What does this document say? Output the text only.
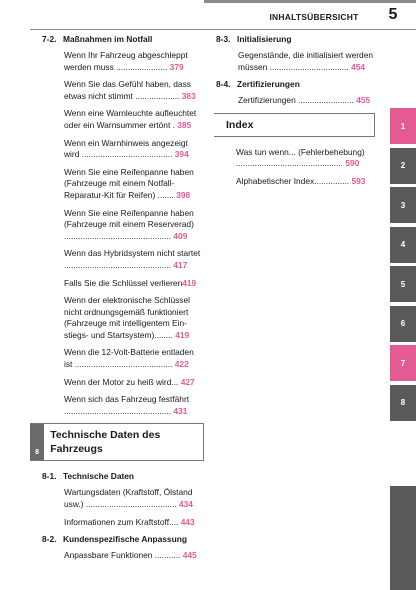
INHALTSÜBERSICHT	5
7-2. Maßnahmen im Notfall
Wenn Ihr Fahrzeug abgeschleppt werden muss ...................... 379
Wenn Sie das Gefühl haben, dass etwas nicht stimmt ................... 383
Wenn eine Warnleuchte aufleuchtet oder ein Warnsummer ertönt . 385
Wenn ein Warnhinweis angezeigt wird ....................................... 394
Wenn Sie eine Reifenpanne haben (Fahrzeuge mit einem Notfall-Reparatur-Kit für Reifen) ....... 398
Wenn Sie eine Reifenpanne haben (Fahrzeuge mit einem Reserverad) .............................................. 409
Wenn das Hybridsystem nicht startet .............................................. 417
Falls Sie die Schlüssel verlieren419
Wenn der elektronische Schlüssel nicht ordnungsgemäß funktioniert (Fahrzeuge mit intelligentem Ein-stiegs- und Startsystem)........ 419
Wenn die 12-Volt-Batterie entladen ist .......................................... 422
Wenn der Motor zu heiß wird... 427
Wenn sich das Fahrzeug festfährt .............................................. 431
8
Technische Daten des Fahrzeugs
8-1. Technische Daten
Wartungsdaten (Kraftstoff, Ölstand usw.) ....................................... 434
Informationen zum Kraftstoff.... 443
8-2. Kundenspezifische Anpassung
Anpassbare Funktionen ........... 445
8-3. Initialisierung
Gegenstände, die initialisiert werden müssen .................................. 454
8-4. Zertifizierungen
Zertifizierungen ........................ 455
Index
Was tun wenn... (Fehlerbehebung) .............................................. 590
Alphabetischer Index............... 593
1
2
3
4
5
6
7
8
